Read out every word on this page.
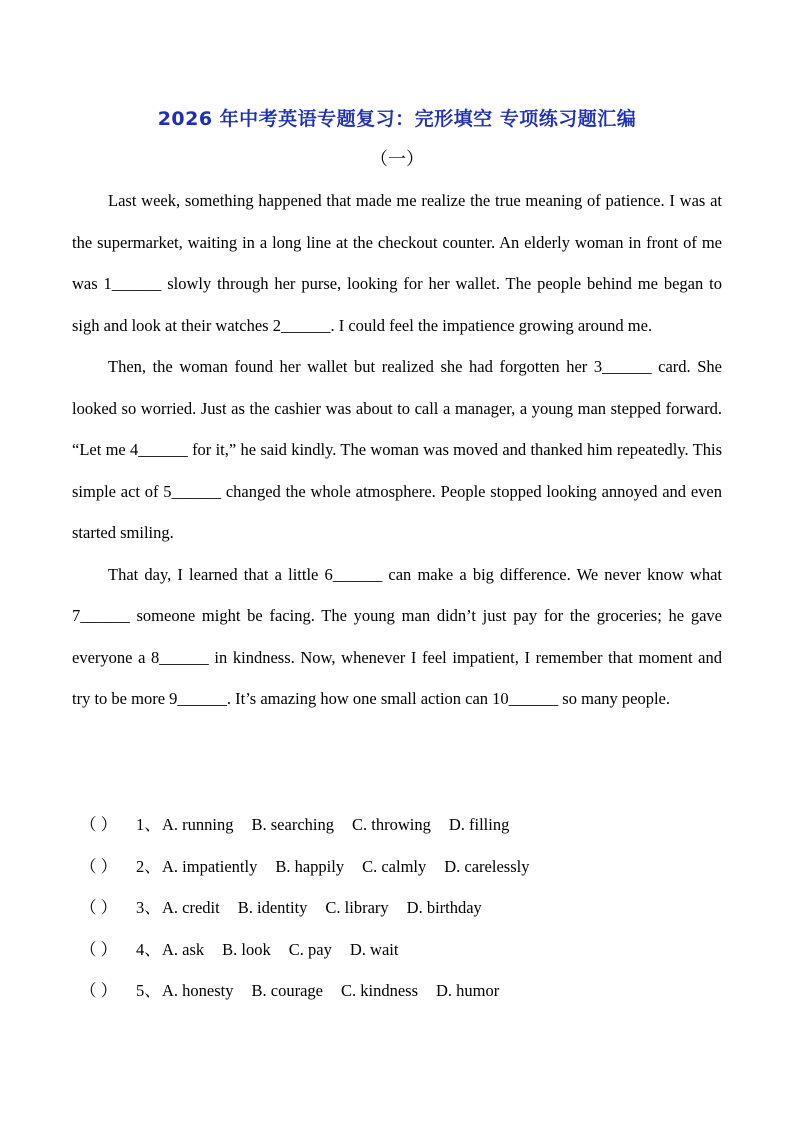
2026 年中考英语专题复习：完形填空 专项练习题汇编
（一）

Last week, something happened that made me realize the true meaning of patience. I was at the supermarket, waiting in a long line at the checkout counter. An elderly woman in front of me was 1______ slowly through her purse, looking for her wallet. The people behind me began to sigh and look at their watches 2______. I could feel the impatience growing around me.

Then, the woman found her wallet but realized she had forgotten her 3______ card. She looked so worried. Just as the cashier was about to call a manager, a young man stepped forward. “Let me 4______ for it,” he said kindly. The woman was moved and thanked him repeatedly. This simple act of 5______ changed the whole atmosphere. People stopped looking annoyed and even started smiling.

That day, I learned that a little 6______ can make a big difference. We never know what 7______ someone might be facing. The young man didn’t just pay for the groceries; he gave everyone a 8______ in kindness. Now, whenever I feel impatient, I remember that moment and try to be more 9______. It’s amazing how one small action can 10______ so many people.

（ ） 1、A. running B. searching C. throwing D. filling
（ ） 2、A. impatiently B. happily C. calmly D. carelessly
（ ） 3、A. credit B. identity C. library D. birthday
（ ） 4、A. ask B. look C. pay D. wait
（ ） 5、A. honesty B. courage C. kindness D. humor
